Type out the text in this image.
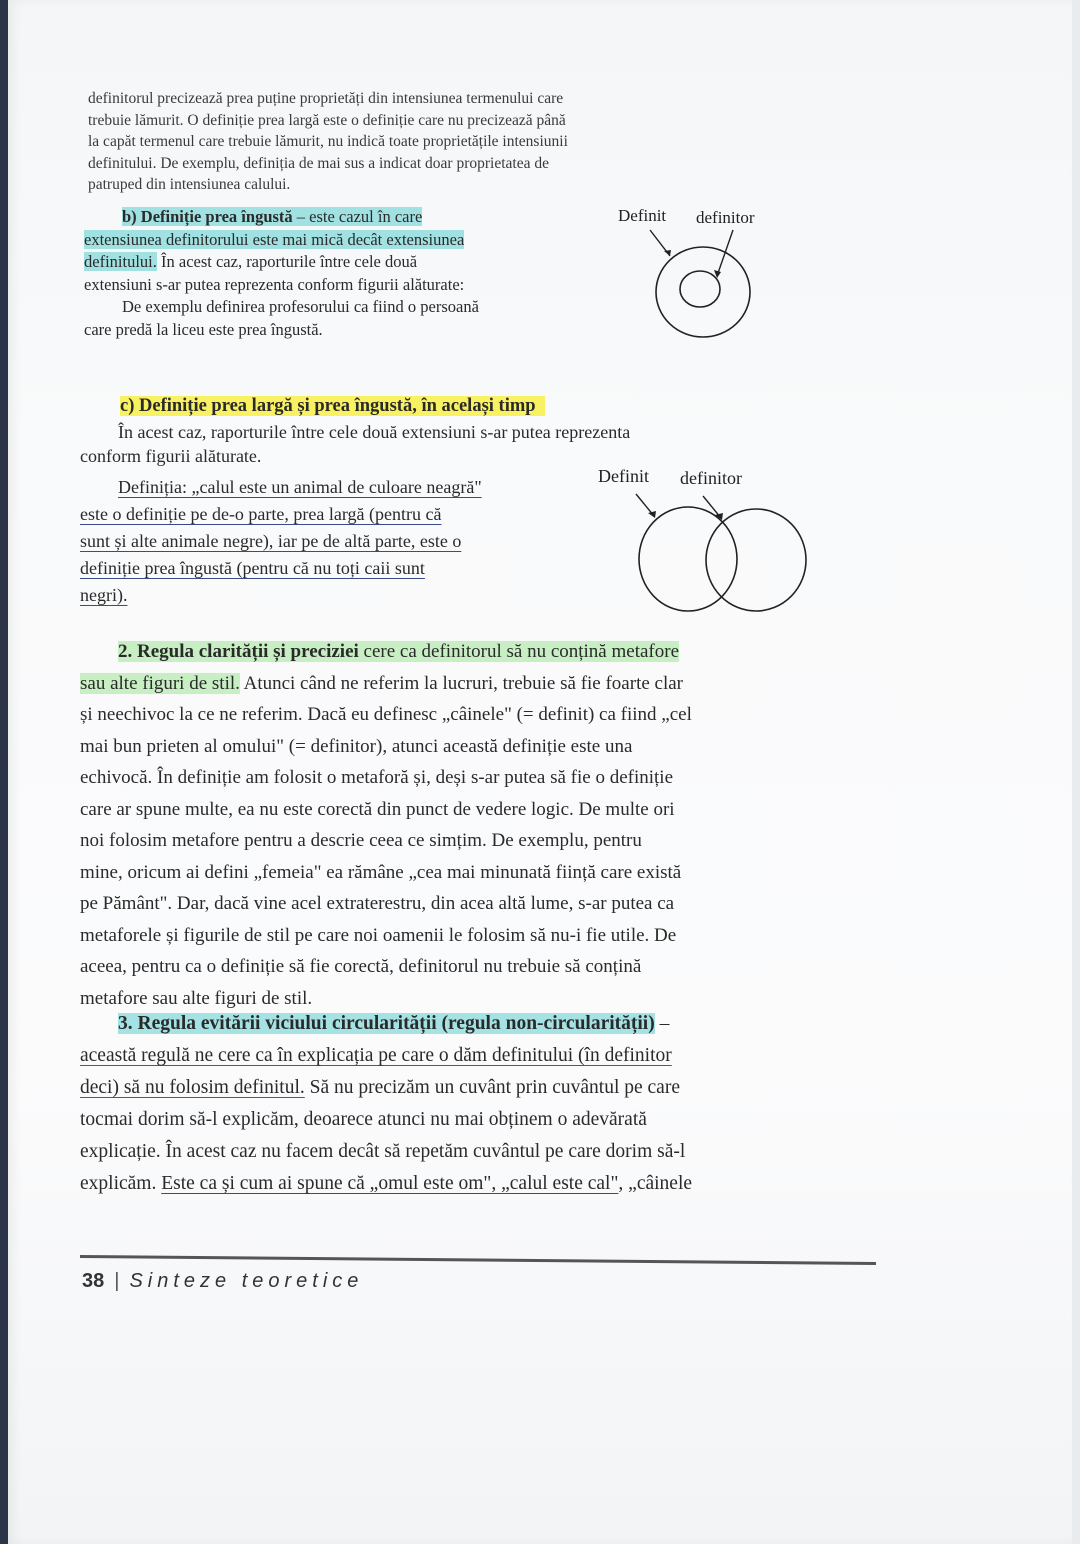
definitorul precizează prea puține proprietăți din intensiunea termenului care
trebuie lămurit. O definiție prea largă este o definiție care nu precizează până
la capăt termenul care trebuie lămurit, nu indică toate proprietățile intensiunii
definitului. De exemplu, definiția de mai sus a indicat doar proprietatea de
patruped din intensiunea calului.
b) Definiție prea îngustă – este cazul în care
extensiunea definitorului este mai mică decât extensiunea
definitului. În acest caz, raporturile între cele două
extensiuni s-ar putea reprezenta conform figurii alăturate:
De exemplu definirea profesorului ca fiind o persoană
care predă la liceu este prea îngustă.
Definit definitor
c) Definiție prea largă și prea îngustă, în același timp
În acest caz, raporturile între cele două extensiuni s-ar putea reprezenta
conform figurii alăturate.
Definiția: „calul este un animal de culoare neagră"
este o definiție pe de-o parte, prea largă (pentru că
sunt și alte animale negre), iar pe de altă parte, este o
definiție prea îngustă (pentru că nu toți caii sunt
negri).
Definit definitor
2. Regula clarității și preciziei cere ca definitorul să nu conțină metafore
sau alte figuri de stil. Atunci când ne referim la lucruri, trebuie să fie foarte clar
și neechivoc la ce ne referim. Dacă eu definesc „câinele" (= definit) ca fiind „cel
mai bun prieten al omului" (= definitor), atunci această definiție este una
echivocă. În definiție am folosit o metaforă și, deși s-ar putea să fie o definiție
care ar spune multe, ea nu este corectă din punct de vedere logic. De multe ori
noi folosim metafore pentru a descrie ceea ce simțim. De exemplu, pentru
mine, oricum ai defini „femeia" ea rămâne „cea mai minunată ființă care există
pe Pământ". Dar, dacă vine acel extraterestru, din acea altă lume, s-ar putea ca
metaforele și figurile de stil pe care noi oamenii le folosim să nu-i fie utile. De
aceea, pentru ca o definiție să fie corectă, definitorul nu trebuie să conțină
metafore sau alte figuri de stil.
3. Regula evitării viciului circularității (regula non-circularității) –
această regulă ne cere ca în explicația pe care o dăm definitului (în definitor
deci) să nu folosim definitul. Să nu precizăm un cuvânt prin cuvântul pe care
tocmai dorim să-l explicăm, deoarece atunci nu mai obținem o adevărată
explicație. În acest caz nu facem decât să repetăm cuvântul pe care dorim să-l
explicăm. Este ca și cum ai spune că „omul este om", „calul este cal", „câinele
38 | Sinteze teoretice
